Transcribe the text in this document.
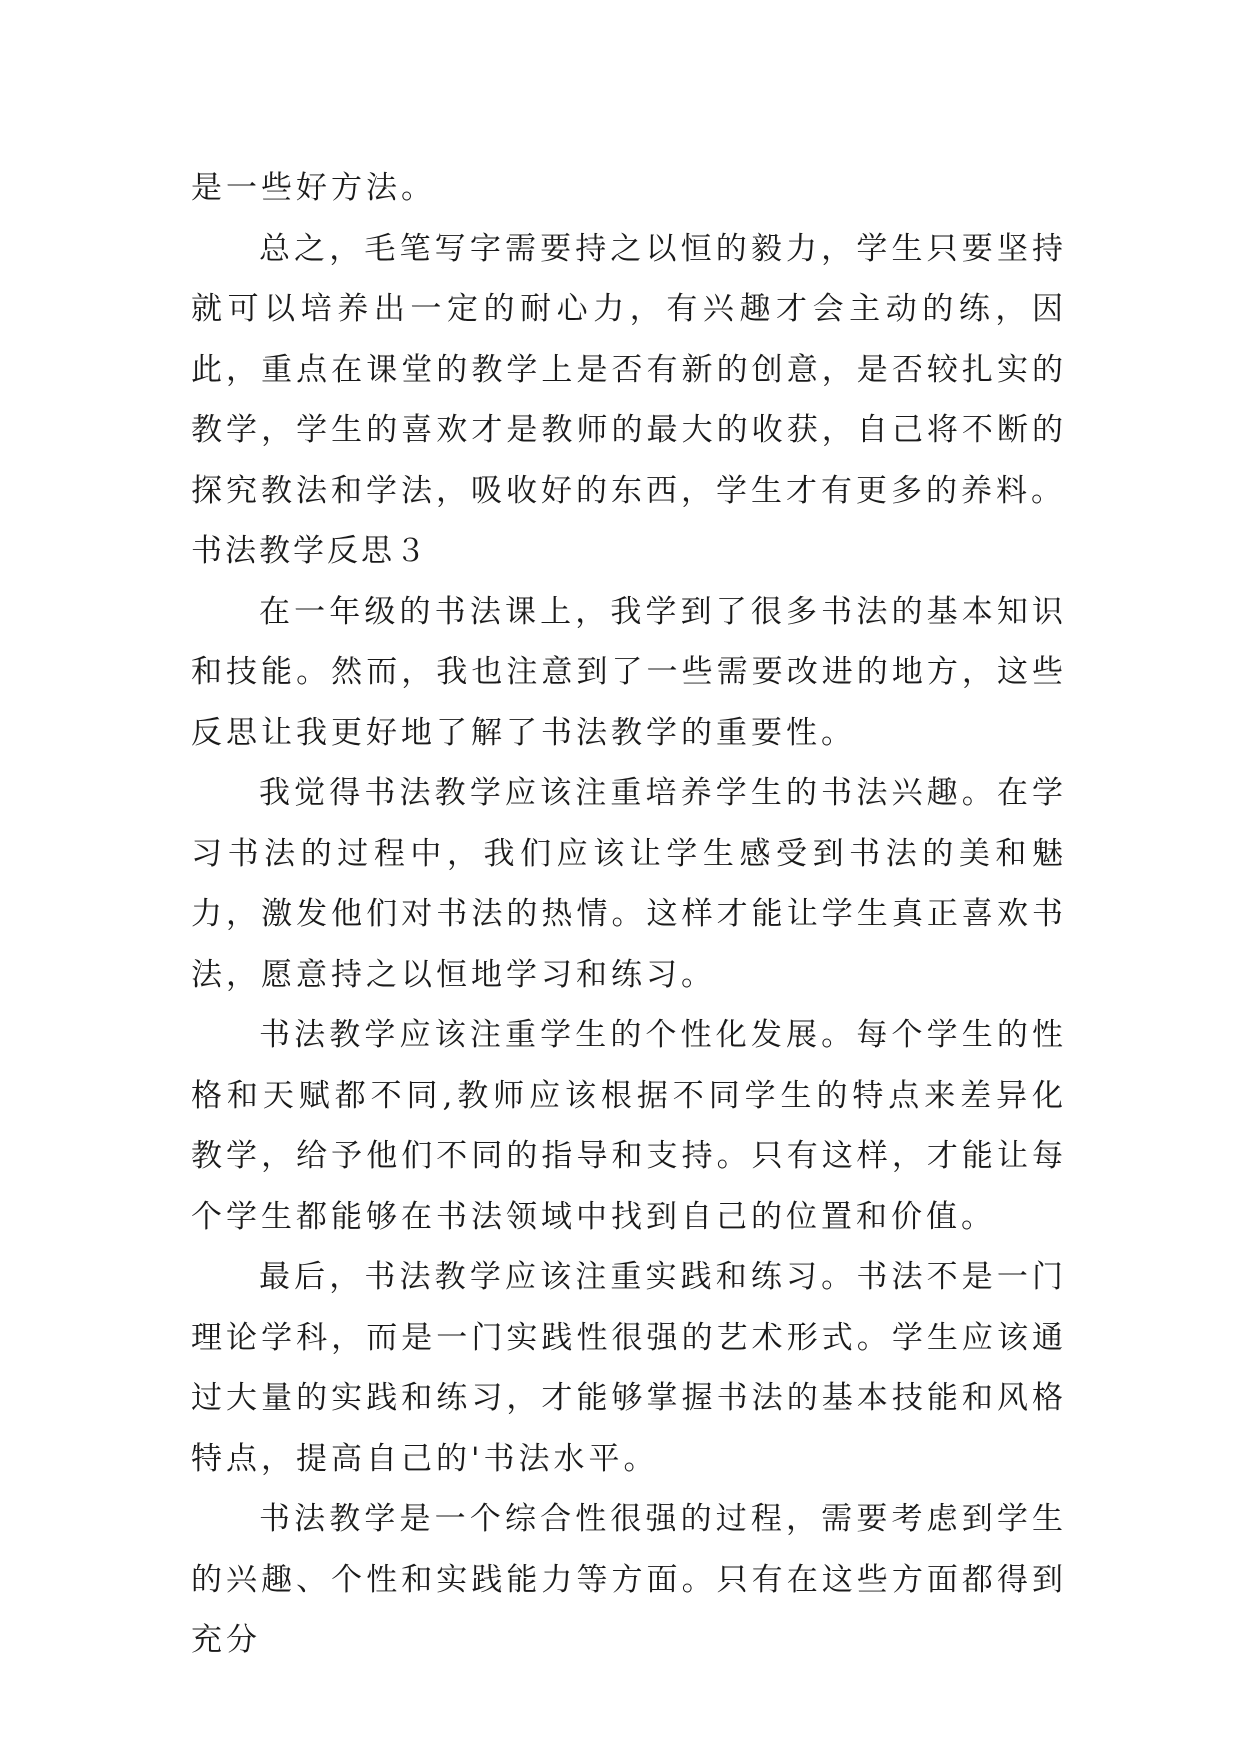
是一些好方法。

总之，毛笔写字需要持之以恒的毅力，学生只要坚持就可以培养出一定的耐心力，有兴趣才会主动的练，因此，重点在课堂的教学上是否有新的创意，是否较扎实的教学，学生的喜欢才是教师的最大的收获，自己将不断的探究教法和学法，吸收好的东西，学生才有更多的养料。

书法教学反思３

在一年级的书法课上，我学到了很多书法的基本知识和技能。然而，我也注意到了一些需要改进的地方，这些反思让我更好地了解了书法教学的重要性。

我觉得书法教学应该注重培养学生的书法兴趣。在学习书法的过程中，我们应该让学生感受到书法的美和魅力，激发他们对书法的热情。这样才能让学生真正喜欢书法，愿意持之以恒地学习和练习。

书法教学应该注重学生的个性化发展。每个学生的性格和天赋都不同,教师应该根据不同学生的特点来差异化教学，给予他们不同的指导和支持。只有这样，才能让每个学生都能够在书法领域中找到自己的位置和价值。

最后，书法教学应该注重实践和练习。书法不是一门理论学科，而是一门实践性很强的艺术形式。学生应该通过大量的实践和练习，才能够掌握书法的基本技能和风格特点，提高自己的'书法水平。

书法教学是一个综合性很强的过程，需要考虑到学生的兴趣、个性和实践能力等方面。只有在这些方面都得到充分
